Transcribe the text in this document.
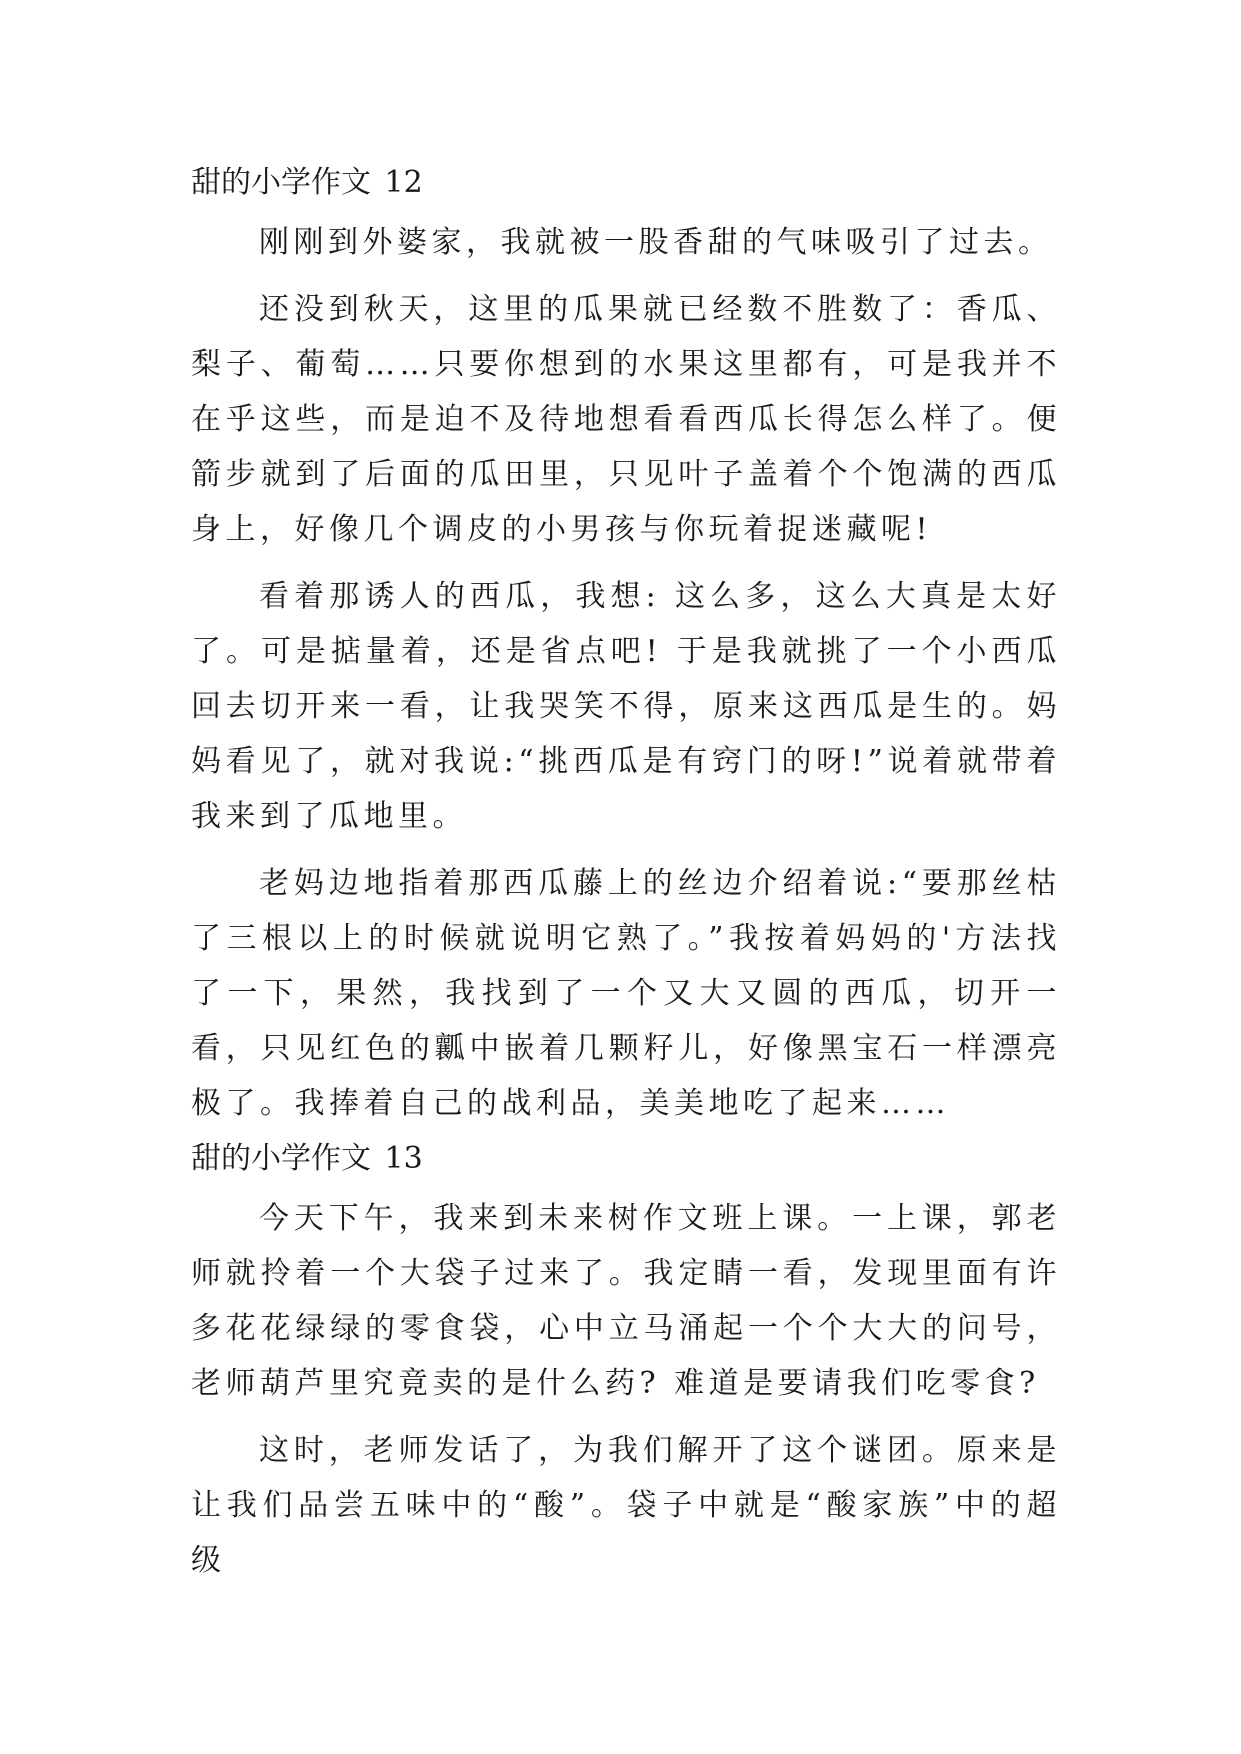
甜的小学作文 12

刚刚到外婆家，我就被一股香甜的气味吸引了过去。

还没到秋天，这里的瓜果就已经数不胜数了：香瓜、梨子、葡萄……只要你想到的水果这里都有，可是我并不在乎这些，而是迫不及待地想看看西瓜长得怎么样了。便箭步就到了后面的瓜田里，只见叶子盖着个个饱满的西瓜身上，好像几个调皮的小男孩与你玩着捉迷藏呢!

看着那诱人的西瓜，我想: 这么多，这么大真是太好了。可是掂量着，还是省点吧! 于是我就挑了一个小西瓜回去切开来一看，让我哭笑不得，原来这西瓜是生的。妈妈看见了，就对我说:“挑西瓜是有窍门的呀!”说着就带着我来到了瓜地里。

老妈边地指着那西瓜藤上的丝边介绍着说:“要那丝枯了三根以上的时候就说明它熟了。”我按着妈妈的'方法找了一下，果然，我找到了一个又大又圆的西瓜，切开一看，只见红色的瓤中嵌着几颗籽儿，好像黑宝石一样漂亮极了。我捧着自己的战利品，美美地吃了起来……

甜的小学作文 13

今天下午，我来到未来树作文班上课。一上课，郭老师就拎着一个大袋子过来了。我定睛一看，发现里面有许多花花绿绿的零食袋，心中立马涌起一个个大大的问号，老师葫芦里究竟卖的是什么药? 难道是要请我们吃零食?

这时，老师发话了，为我们解开了这个谜团。原来是让我们品尝五味中的“酸”。袋子中就是“酸家族”中的超级
